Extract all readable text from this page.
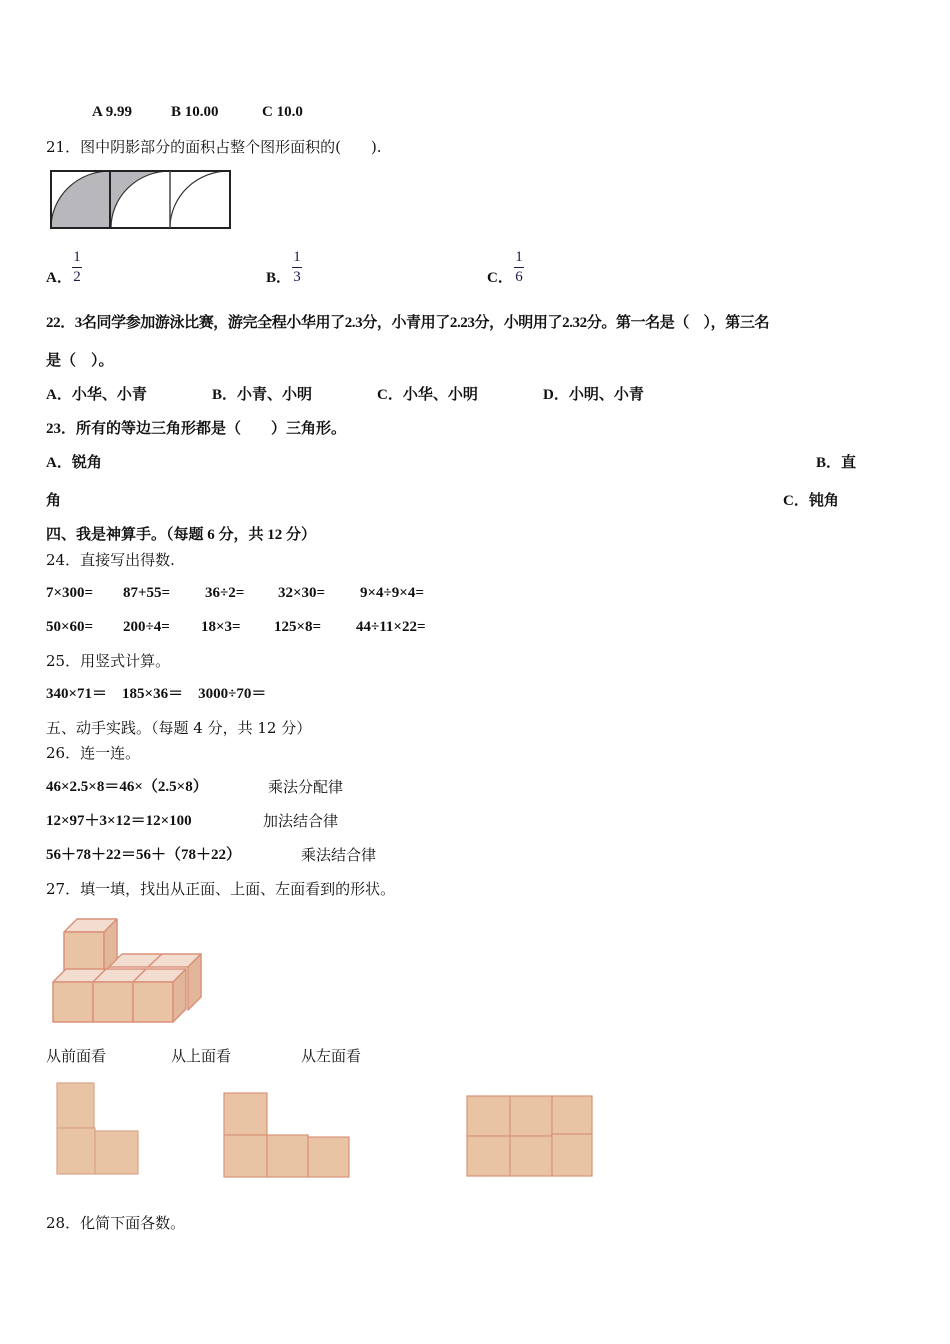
A 9.99	B 10.00	C 10.0
21．图中阴影部分的面积占整个图形面积的(　　).
A．
1
2	B．
1
3	C．
1
6
22．3名同学参加游泳比赛，游完全程小华用了2.3分，小青用了2.23分，小明用了2.32分。第一名是（　），第三名
是（　）。
A．小华、小青	B．小青、小明	C．小华、小明	D．小明、小青
23．所有的等边三角形都是（　　）三角形。
A．锐角	B．直
角	C．钝角
四、我是神算手。（每题 6 分，共 12 分）
24．直接写出得数.
7×300= 87+55= 36÷2= 32×30= 9×4÷9×4=
50×60= 200÷4= 18×3= 125×8= 44÷11×22=
25．用竖式计算。
340×71＝　185×36＝　3000÷70＝
五、动手实践。（每题 4 分，共 12 分）
26．连一连。
46×2.5×8＝46×（2.5×8）	乘法分配律
12×97＋3×12＝12×100	加法结合律
56＋78＋22＝56＋（78＋22）	乘法结合律
27．填一填，找出从正面、上面、左面看到的形状。
从前面看	从上面看	从左面看
28．化简下面各数。
